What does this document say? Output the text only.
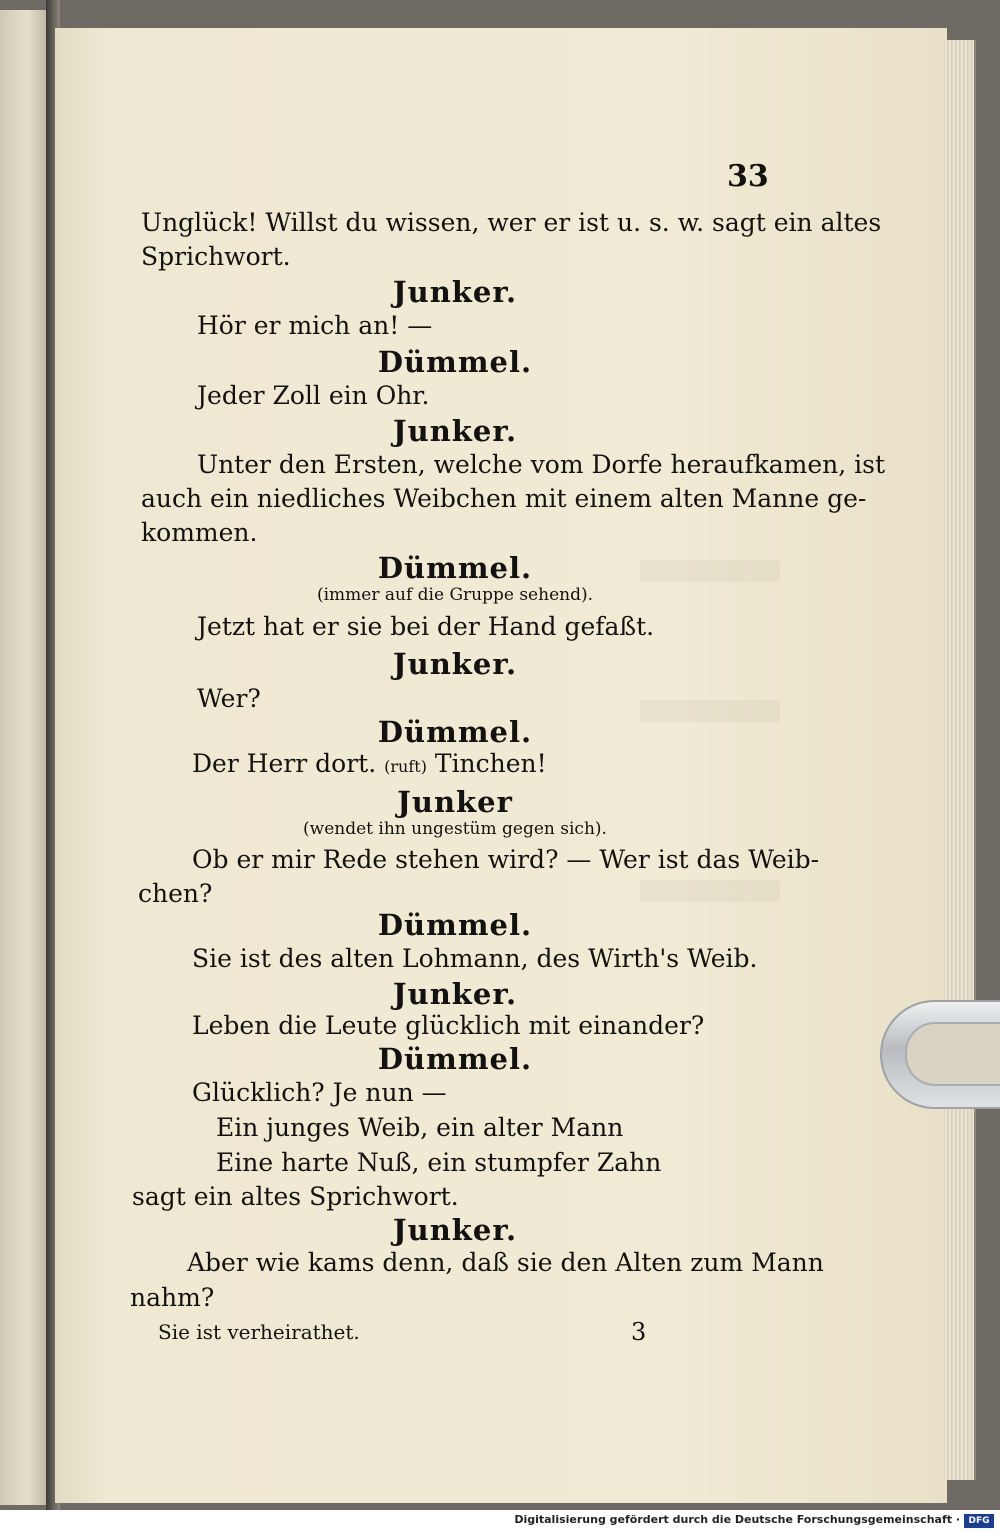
33
Unglück! Willst du wissen, wer er ist u. s. w. sagt ein altes
Sprichwort.
Junker.
Hör er mich an! —
Dümmel.
Jeder Zoll ein Ohr.
Junker.
Unter den Ersten, welche vom Dorfe heraufkamen, ist
auch ein niedliches Weibchen mit einem alten Manne ge-
kommen.
Dümmel.
(immer auf die Gruppe sehend).
Jetzt hat er sie bei der Hand gefaßt.
Junker.
Wer?
Dümmel.
Der Herr dort. (ruft) Tinchen!
Junker
(wendet ihn ungestüm gegen sich).
Ob er mir Rede stehen wird? — Wer ist das Weib-
chen?
Dümmel.
Sie ist des alten Lohmann, des Wirth's Weib.
Junker.
Leben die Leute glücklich mit einander?
Dümmel.
Glücklich? Je nun —
Ein junges Weib, ein alter Mann
Eine harte Nuß, ein stumpfer Zahn
sagt ein altes Sprichwort.
Junker.
Aber wie kams denn, daß sie den Alten zum Mann
nahm?
Sie ist verheirathet.	3
Digitalisierung gefördert durch die Deutsche Forschungsgemeinschaft · DFG
